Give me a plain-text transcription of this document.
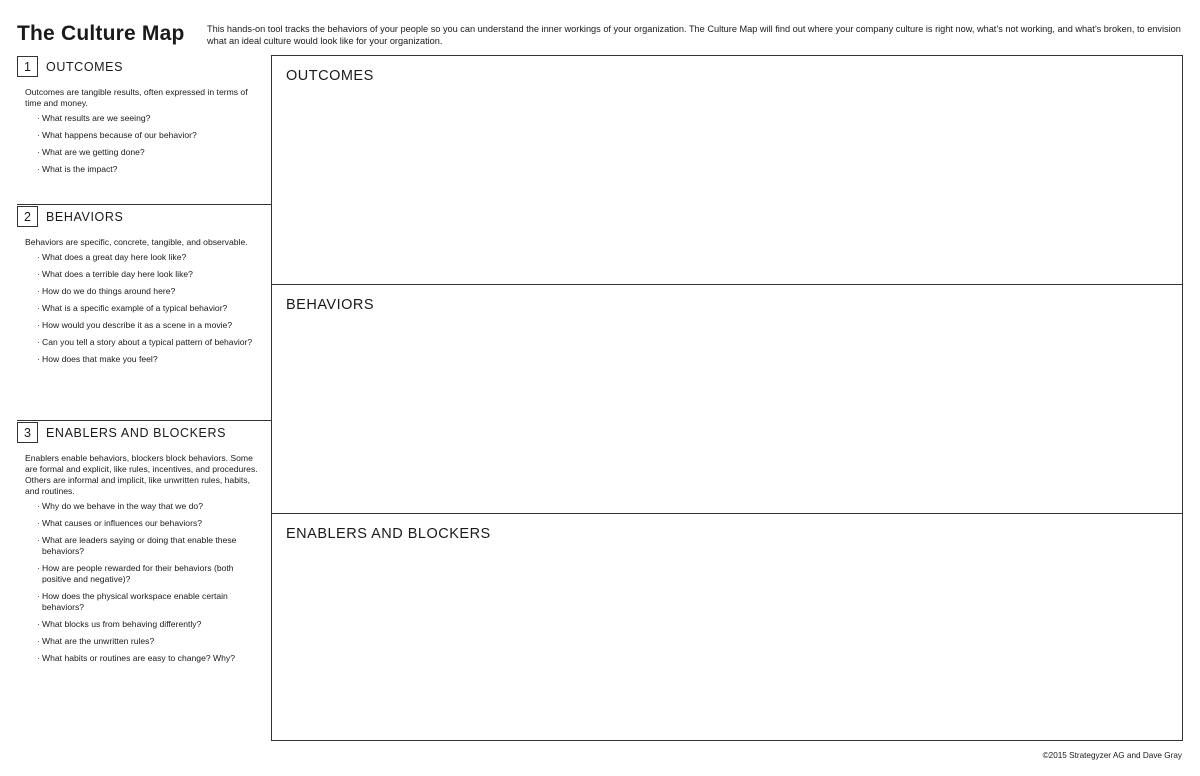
The Culture Map This hands-on tool tracks the behaviors of your people so you can understand the inner workings of your organization. The Culture Map will find out where your company culture is right now, what’s not working, and what’s broken, to envision what an ideal culture would look like for your organization.
1	OUTCOMES
Outcomes are tangible results, often expressed in terms of time and money.
· What results are we seeing?
· What happens because of our behavior?
· What are we getting done?
· What is the impact?
2	BEHAVIORS
Behaviors are specific, concrete, tangible, and observable.
· What does a great day here look like?
· What does a terrible day here look like?
· How do we do things around here?
· What is a specific example of a typical behavior?
· How would you describe it as a scene in a movie?
· Can you tell a story about a typical pattern of behavior?
· How does that make you feel?
3	ENABLERS AND BLOCKERS
Enablers enable behaviors, blockers block behaviors. Some are formal and explicit, like rules, incentives, and procedures. Others are informal and implicit, like unwritten rules, habits, and routines.
· Why do we behave in the way that we do?
· What causes or influences our behaviors?
· What are leaders saying or doing that enable these behaviors?
· How are people rewarded for their behaviors (both positive and negative)?
· How does the physical workspace enable certain behaviors?
· What blocks us from behaving differently?
· What are the unwritten rules?
· What habits or routines are easy to change? Why?
OUTCOMES
BEHAVIORS
ENABLERS AND BLOCKERS
©2015 Strategyzer AG and Dave Gray
